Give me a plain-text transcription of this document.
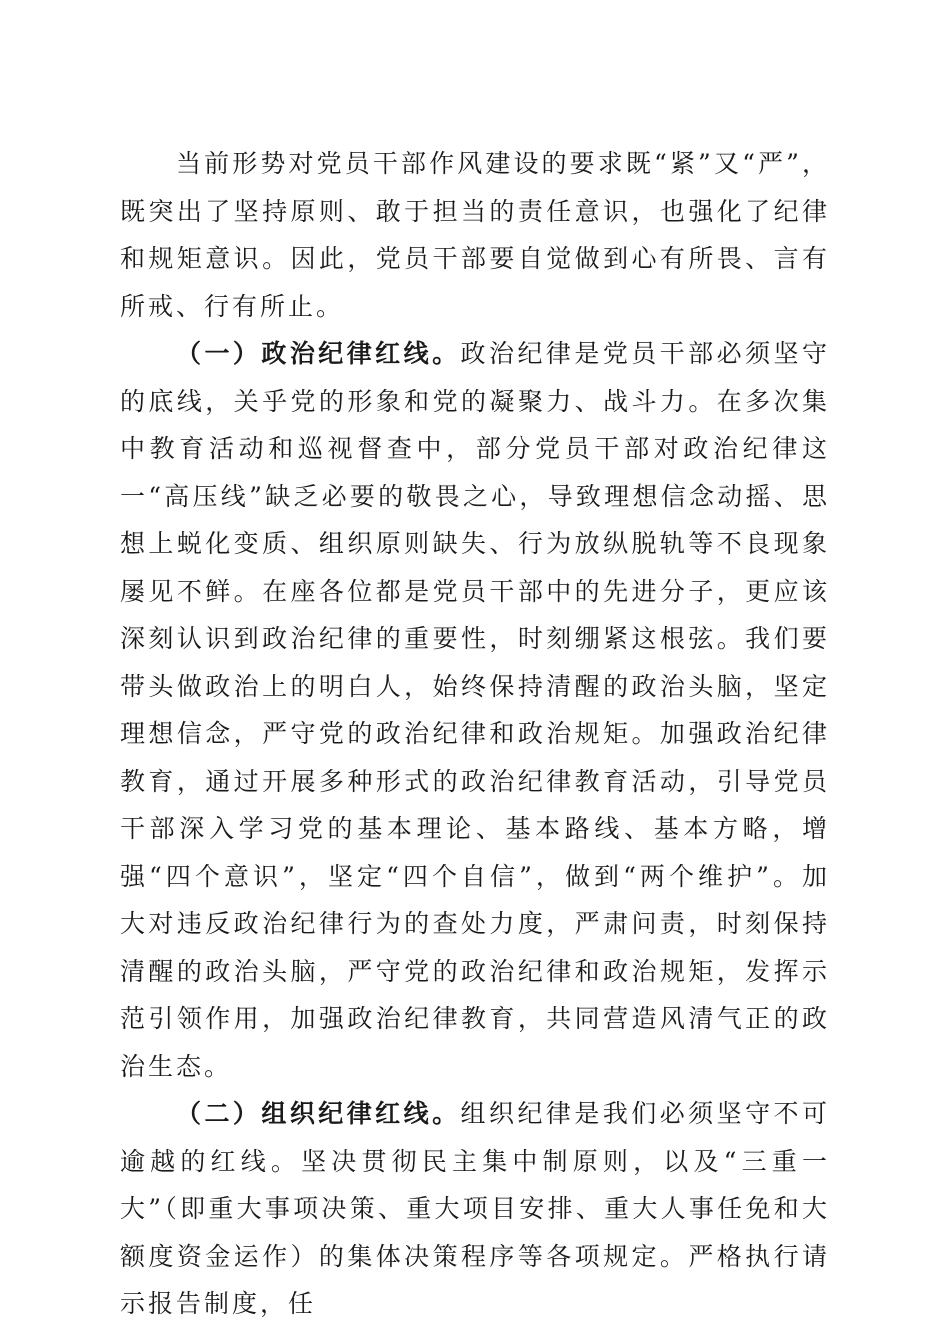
当前形势对党员干部作风建设的要求既“紧”又“严”，既突出了坚持原则、敢于担当的责任意识，也强化了纪律和规矩意识。因此，党员干部要自觉做到心有所畏、言有所戒、行有所止。

（一）政治纪律红线。政治纪律是党员干部必须坚守的底线，关乎党的形象和党的凝聚力、战斗力。在多次集中教育活动和巡视督查中，部分党员干部对政治纪律这一“高压线”缺乏必要的敬畏之心，导致理想信念动摇、思想上蜕化变质、组织原则缺失、行为放纵脱轨等不良现象屡见不鲜。在座各位都是党员干部中的先进分子，更应该深刻认识到政治纪律的重要性，时刻绷紧这根弦。我们要带头做政治上的明白人，始终保持清醒的政治头脑，坚定理想信念，严守党的政治纪律和政治规矩。加强政治纪律教育，通过开展多种形式的政治纪律教育活动，引导党员干部深入学习党的基本理论、基本路线、基本方略，增强“四个意识”，坚定“四个自信”，做到“两个维护”。加大对违反政治纪律行为的查处力度，严肃问责，时刻保持清醒的政治头脑，严守党的政治纪律和政治规矩，发挥示范引领作用，加强政治纪律教育，共同营造风清气正的政治生态。

（二）组织纪律红线。组织纪律是我们必须坚守不可逾越的红线。坚决贯彻民主集中制原则，以及“三重一大”（即重大事项决策、重大项目安排、重大人事任免和大额度资金运作）的集体决策程序等各项规定。严格执行请示报告制度，任
